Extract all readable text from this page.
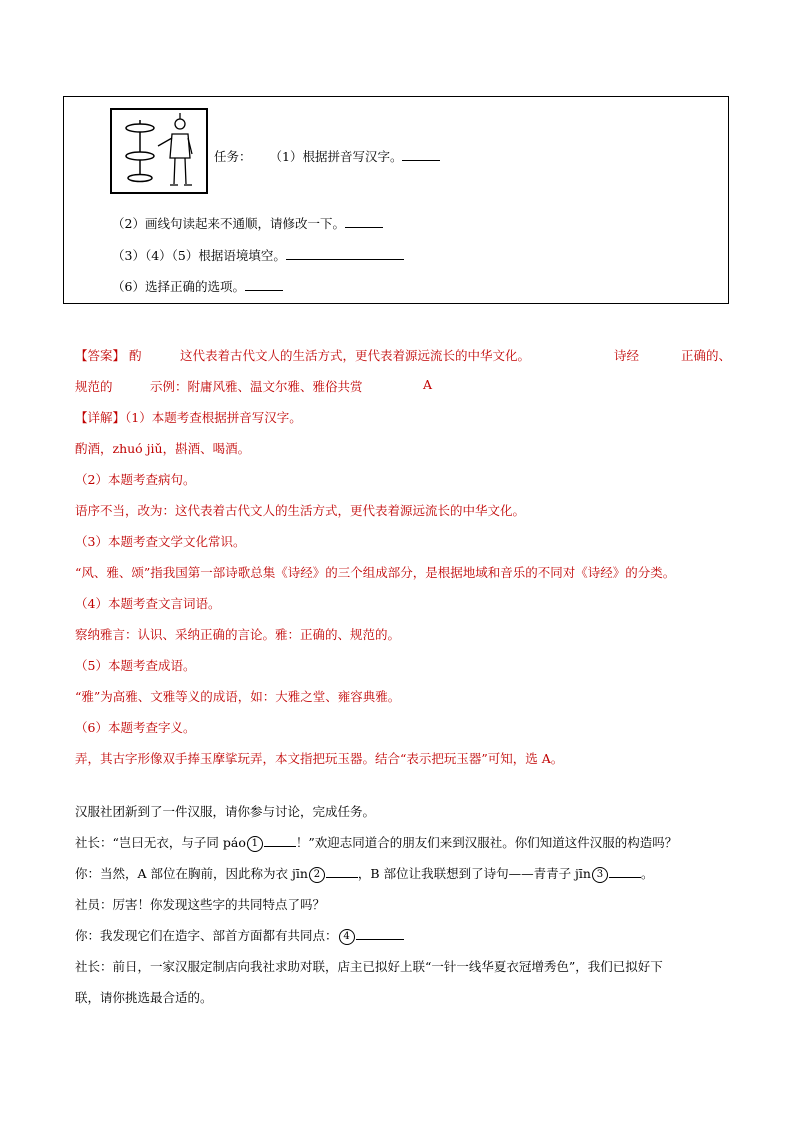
任务： （1）根据拼音写汉字。
（2）画线句读起来不通顺，请修改一下。
（3）（4）（5）根据语境填空。
（6）选择正确的选项。
【答案】 酌	这代表着古代文人的生活方式，更代表着源远流长的中华文化。	诗经	正确的、
规范的	示例：附庸风雅、温文尔雅、雅俗共赏	A
【详解】（1）本题考查根据拼音写汉字。
酌酒，zhuó jiǔ，斟酒、喝酒。
（2）本题考查病句。
语序不当，改为：这代表着古代文人的生活方式，更代表着源远流长的中华文化。
（3）本题考查文学文化常识。
“风、雅、颂”指我国第一部诗歌总集《诗经》的三个组成部分，是根据地域和音乐的不同对《诗经》的分类。
（4）本题考查文言词语。
察纳雅言：认识、采纳正确的言论。雅：正确的、规范的。
（5）本题考查成语。
“雅”为高雅、文雅等义的成语，如：大雅之堂、雍容典雅。
（6）本题考查字义。
弄，其古字形像双手捧玉摩挲玩弄，本文指把玩玉器。结合“表示把玩玉器”可知，选 A。
汉服社团新到了一件汉服，请你参与讨论，完成任务。
社长：“岂曰无衣，与子同 páo 1	！”欢迎志同道合的朋友们来到汉服社。你们知道这件汉服的构造吗？
你：当然，A 部位在胸前，因此称为衣 jīn 2	，B 部位让我联想到了诗句——青青子 jīn 3	。
社员：厉害！你发现这些字的共同特点了吗？
你：我发现它们在造字、部首方面都有共同点： 4
社长：前日，一家汉服定制店向我社求助对联，店主已拟好上联“一针一线华夏衣冠增秀色”，我们已拟好下
联，请你挑选最合适的。
